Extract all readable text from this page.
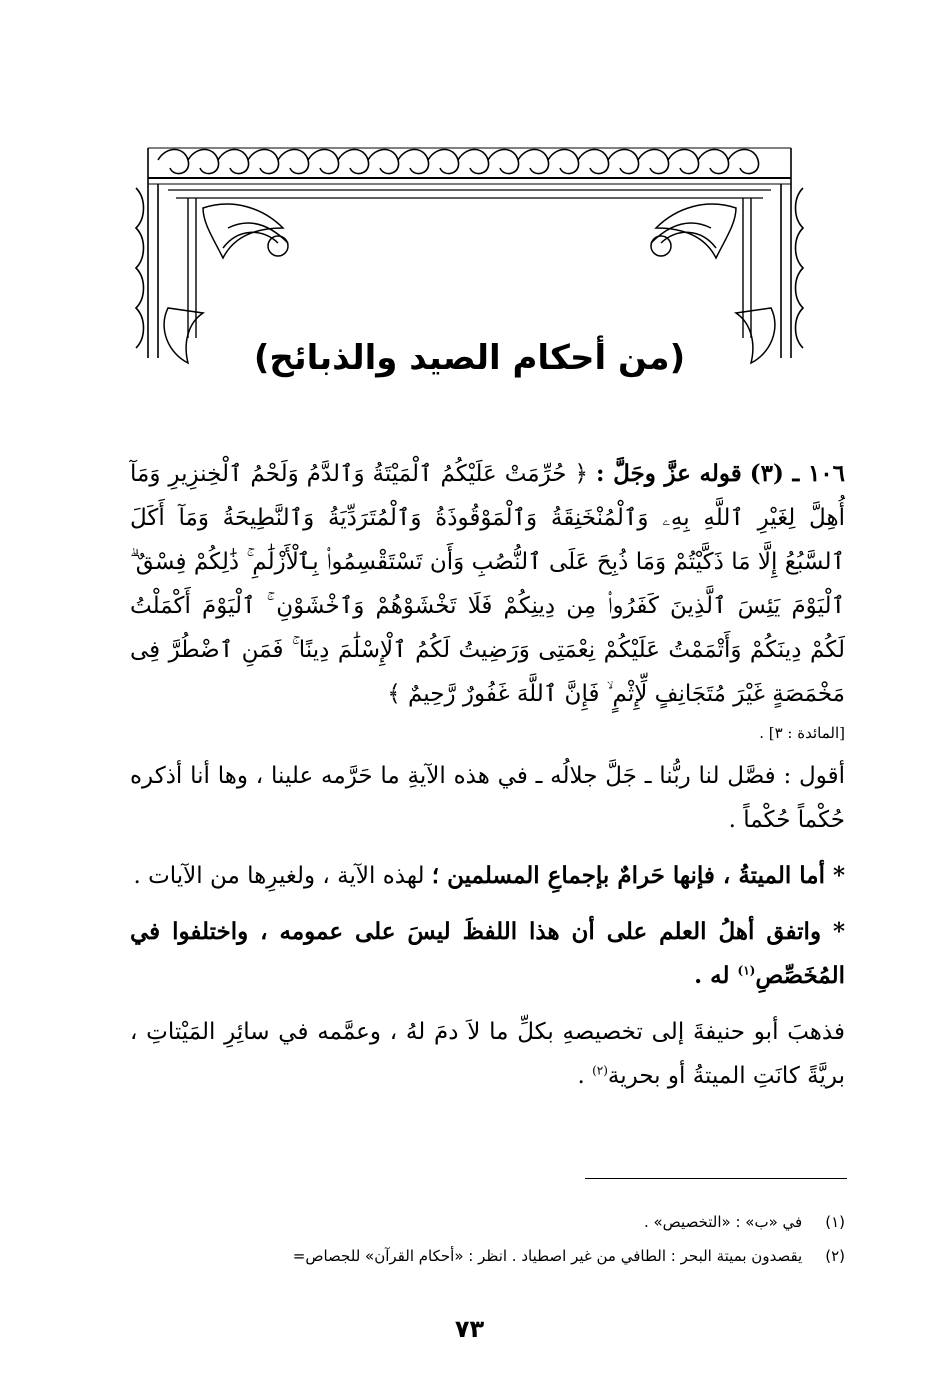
(من أحكام الصيد والذبائح)

١٠٦ ـ (٣) قوله عزَّ وجَلَّ : ﴿ حُرِّمَتْ عَلَيْكُمُ ٱلْمَيْتَةُ وَٱلدَّمُ وَلَحْمُ ٱلْخِنزِيرِ وَمَآ أُهِلَّ لِغَيْرِ ٱللَّهِ بِهِۦ وَٱلْمُنْخَنِقَةُ وَٱلْمَوْقُوذَةُ وَٱلْمُتَرَدِّيَةُ وَٱلنَّطِيحَةُ وَمَآ أَكَلَ ٱلسَّبُعُ إِلَّا مَا ذَكَّيْتُمْ وَمَا ذُبِحَ عَلَى ٱلنُّصُبِ وَأَن تَسْتَقْسِمُوا۟ بِٱلْأَزْلَٰمِ ۚ ذَٰلِكُمْ فِسْقٌ ۗ ٱلْيَوْمَ يَئِسَ ٱلَّذِينَ كَفَرُوا۟ مِن دِينِكُمْ فَلَا تَخْشَوْهُمْ وَٱخْشَوْنِ ۚ ٱلْيَوْمَ أَكْمَلْتُ لَكُمْ دِينَكُمْ وَأَتْمَمْتُ عَلَيْكُمْ نِعْمَتِى وَرَضِيتُ لَكُمُ ٱلْإِسْلَٰمَ دِينًا ۚ فَمَنِ ٱضْطُرَّ فِى مَخْمَصَةٍ غَيْرَ مُتَجَانِفٍ لِّإِثْمٍ ۙ فَإِنَّ ٱللَّهَ غَفُورٌ رَّحِيمٌ ﴾

[المائدة : ٣] .

أقول : فصَّل لنا ربُّنا ـ جَلَّ جلالُه ـ في هذه الآيةِ ما حَرَّمه علينا ، وها أنا أذكره حُكْماً حُكْماً .

* أما الميتةُ ، فإنها حَرامٌ بإجماعِ المسلمين ؛ لهذه الآية ، ولغيرِها من الآيات .

* واتفق أهلُ العلم على أن هذا اللفظَ ليسَ على عمومه ، واختلفوا في المُخَصِّصِ$^{(١)}$ له .

فذهبَ أبو حنيفةَ إلى تخصيصهِ بكلِّ ما لاَ دمَ لهُ ، وعمَّمه في سائِرِ المَيْتاتِ ، بريَّةً كانَتِ الميتةُ أو بحرية$^{(٢)}$ .

(١) في «ب» : «التخصيص» .
(٢) يقصدون بميتة البحر : الطافي من غير اصطياد . انظر : «أحكام القرآن» للجصاص=
٧٣
